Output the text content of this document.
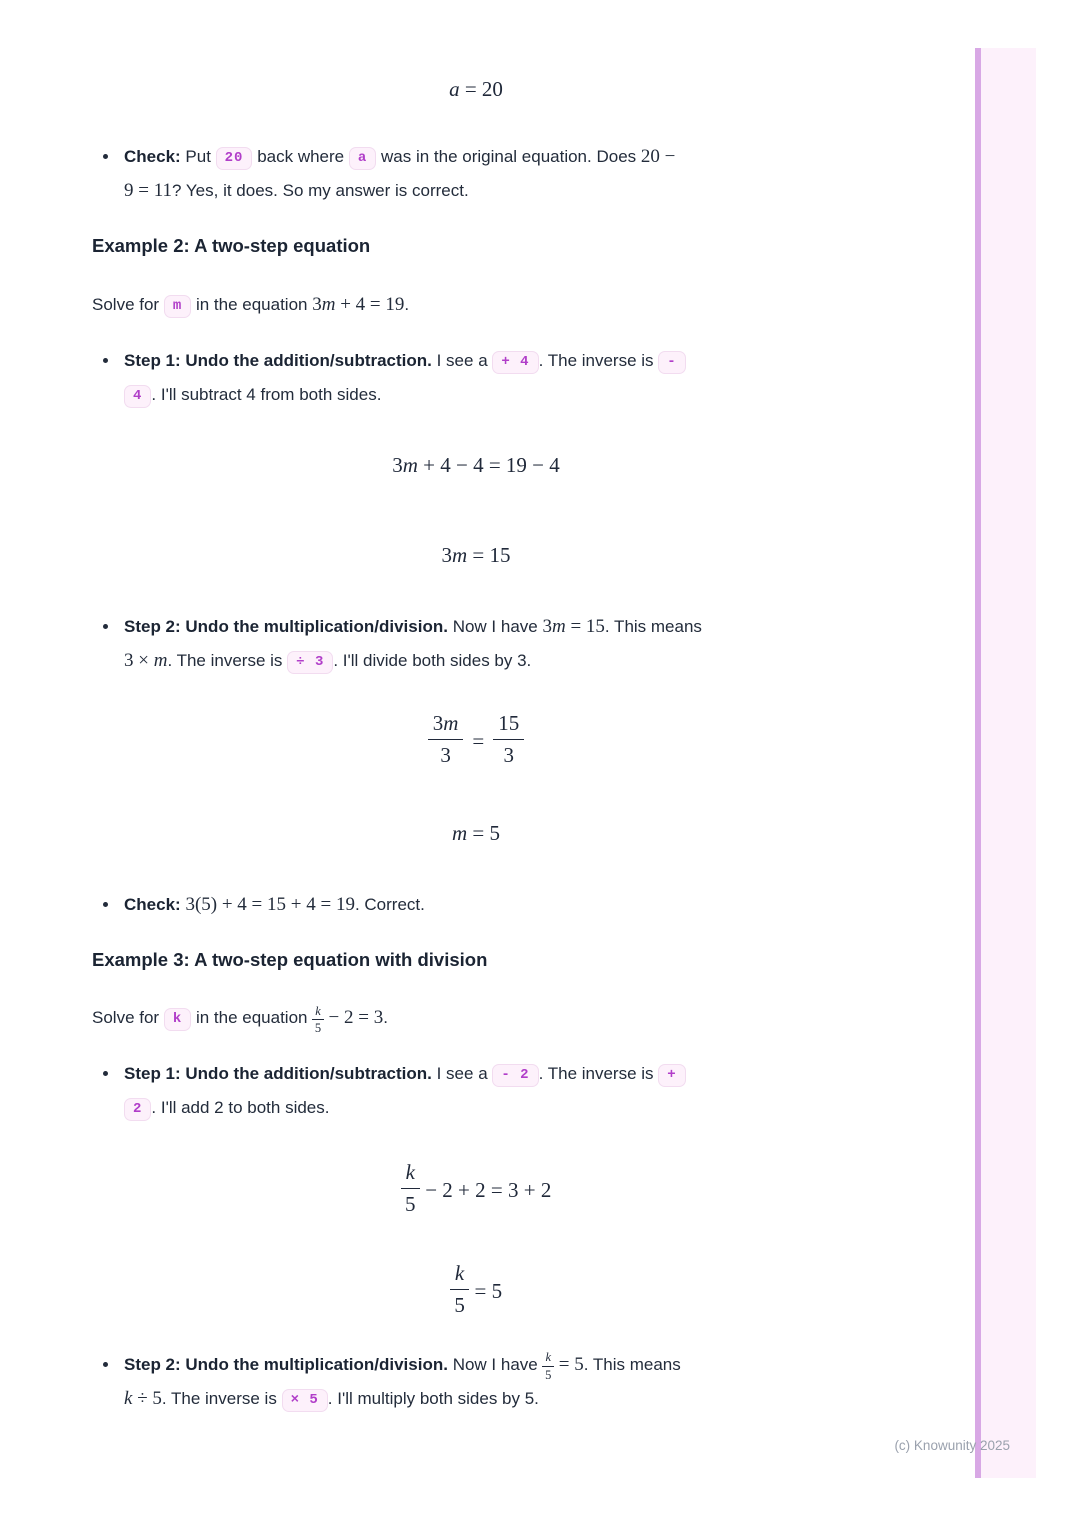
(c) Knowunity 2025
a = 20
Check: Put 20 back where a was in the original equation. Does 20 −
9 = 11? Yes, it does. So my answer is correct.
Example 2: A two-step equation

Solve for m in the equation 3m + 4 = 19.

Step 1: Undo the addition/subtraction. I see a + 4 . The inverse is -
4 . I'll subtract 4 from both sides.
3m + 4 − 4 = 19 − 4
3m = 15
Step 2: Undo the multiplication/division. Now I have 3m = 15. This means
3 × m. The inverse is ÷ 3 . I'll divide both sides by 3.
$\frac{3m}{3} = \frac{15}{3}$
m = 5
Check: 3(5) + 4 = 15 + 4 = 19. Correct.
Example 3: A two-step equation with division

Solve for k in the equation $\frac{k}{5} - 2 = 3$.

Step 1: Undo the addition/subtraction. I see a - 2 . The inverse is +
2 . I'll add 2 to both sides.
$\frac{k}{5} - 2 + 2 = 3 + 2$
$\frac{k}{5} = 5$
Step 2: Undo the multiplication/division. Now I have $\frac{k}{5} = 5$. This means
k ÷ 5. The inverse is × 5 . I'll multiply both sides by 5.
